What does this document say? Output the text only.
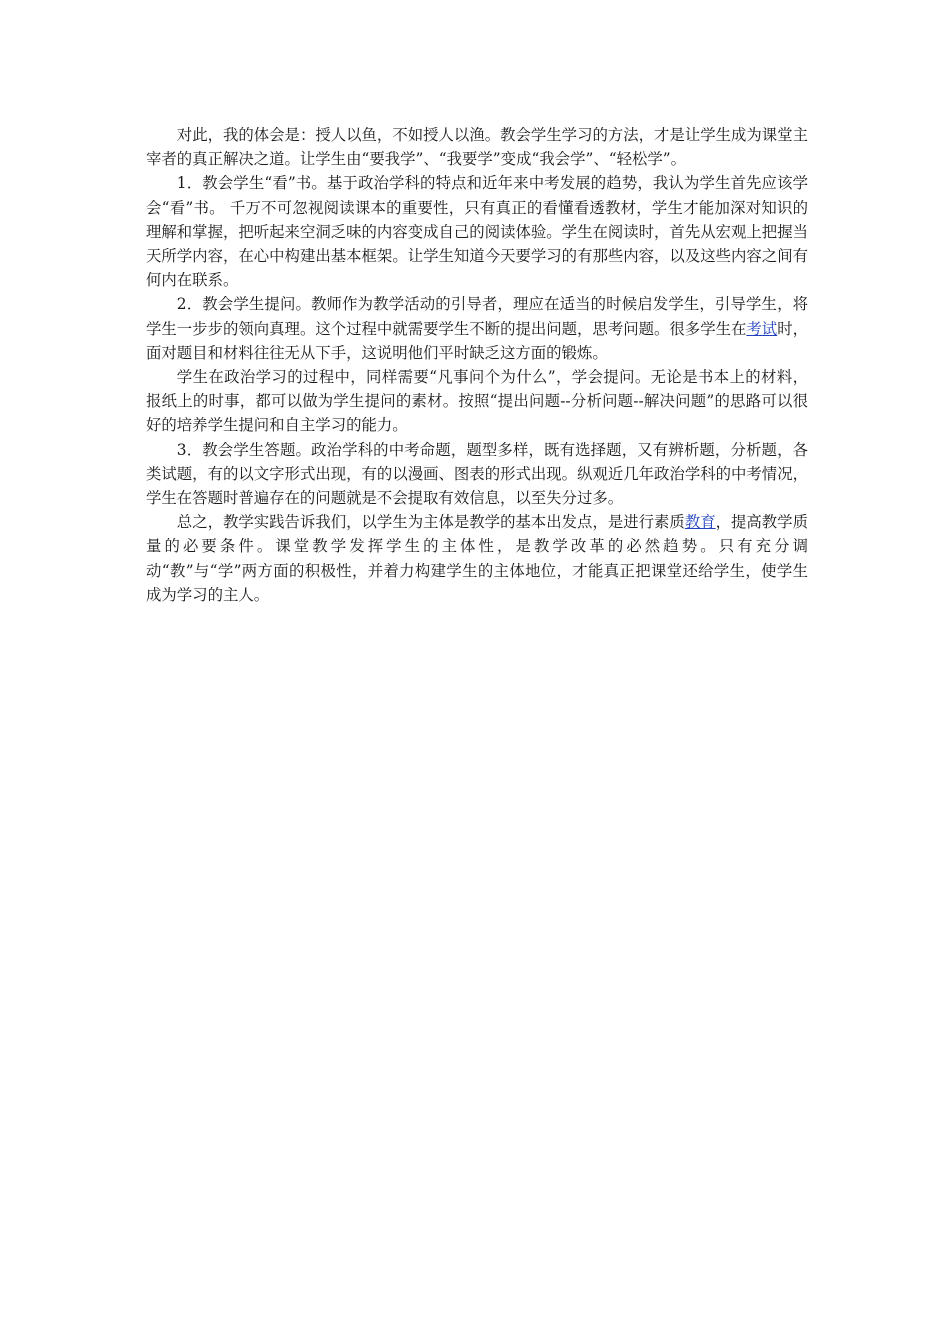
对此，我的体会是：授人以鱼，不如授人以渔。教会学生学习的方法，才是让学生成为课堂主宰者的真正解决之道。让学生由“要我学”、“我要学”变成“我会学”、“轻松学”。

1．教会学生“看”书。基于政治学科的特点和近年来中考发展的趋势，我认为学生首先应该学会“看”书。 千万不可忽视阅读课本的重要性，只有真正的看懂看透教材，学生才能加深对知识的理解和掌握，把听起来空洞乏味的内容变成自己的阅读体验。学生在阅读时，首先从宏观上把握当天所学内容，在心中构建出基本框架。让学生知道今天要学习的有那些内容，以及这些内容之间有何内在联系。

2．教会学生提问。教师作为教学活动的引导者，理应在适当的时候启发学生，引导学生，将学生一步步的领向真理。这个过程中就需要学生不断的提出问题，思考问题。很多学生在考试时，面对题目和材料往往无从下手，这说明他们平时缺乏这方面的锻炼。

学生在政治学习的过程中，同样需要“凡事问个为什么”，学会提问。无论是书本上的材料，报纸上的时事，都可以做为学生提问的素材。按照“提出问题--分析问题--解决问题”的思路可以很好的培养学生提问和自主学习的能力。

3．教会学生答题。政治学科的中考命题，题型多样，既有选择题，又有辨析题，分析题，各类试题，有的以文字形式出现，有的以漫画、图表的形式出现。纵观近几年政治学科的中考情况，学生在答题时普遍存在的问题就是不会提取有效信息，以至失分过多。

总之，教学实践告诉我们，以学生为主体是教学的基本出发点，是进行素质教育，提高教学质量的必要条件。课堂教学发挥学生的主体性，是教学改革的必然趋势。只有充分调动“教”与“学”两方面的积极性，并着力构建学生的主体地位，才能真正把课堂还给学生，使学生成为学习的主人。
